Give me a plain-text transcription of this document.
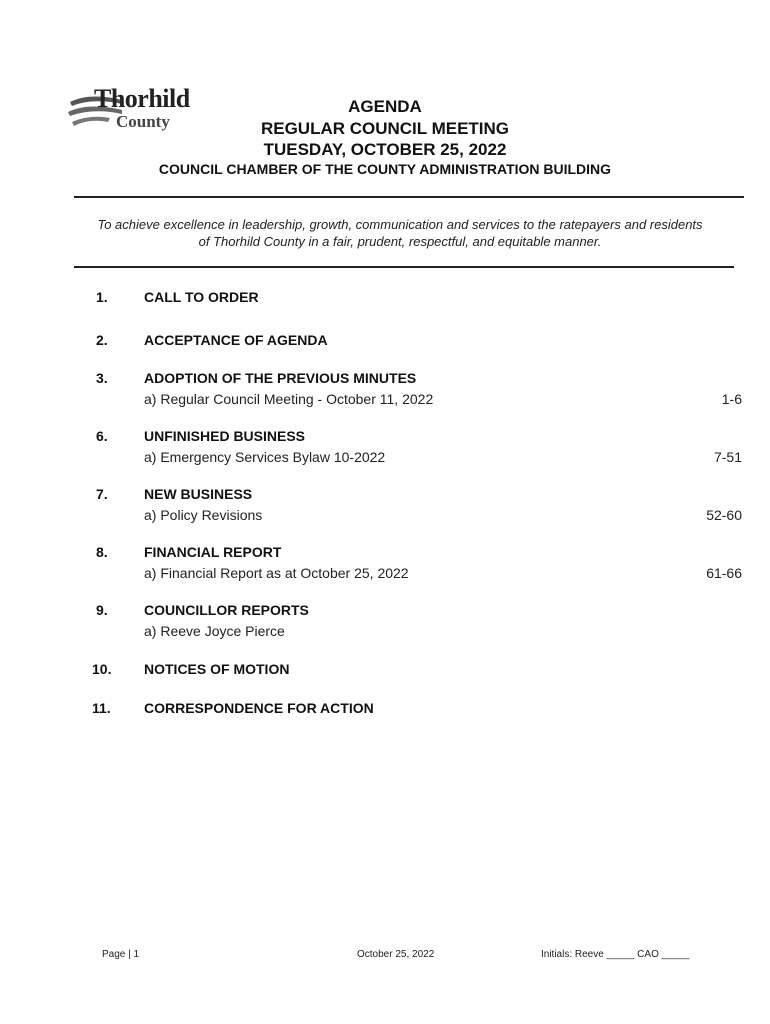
Thorhild
County
AGENDA
REGULAR COUNCIL MEETING
TUESDAY, OCTOBER 25, 2022
COUNCIL CHAMBER OF THE COUNTY ADMINISTRATION BUILDING
To achieve excellence in leadership, growth, communication and services to the ratepayers and residents
of Thorhild County in a fair, prudent, respectful, and equitable manner.
1.	CALL TO ORDER
2.	ACCEPTANCE OF AGENDA
3.	ADOPTION OF THE PREVIOUS MINUTES
a) Regular Council Meeting - October 11, 2022	1-6
6.	UNFINISHED BUSINESS
a) Emergency Services Bylaw 10-2022	7-51
7.	NEW BUSINESS
a) Policy Revisions	52-60
8.	FINANCIAL REPORT
a) Financial Report as at October 25, 2022	61-66
9.	COUNCILLOR REPORTS
a) Reeve Joyce Pierce
10. NOTICES OF MOTION
11. CORRESPONDENCE FOR ACTION
Page | 1	October 25, 2022	Initials: Reeve _____ CAO _____
